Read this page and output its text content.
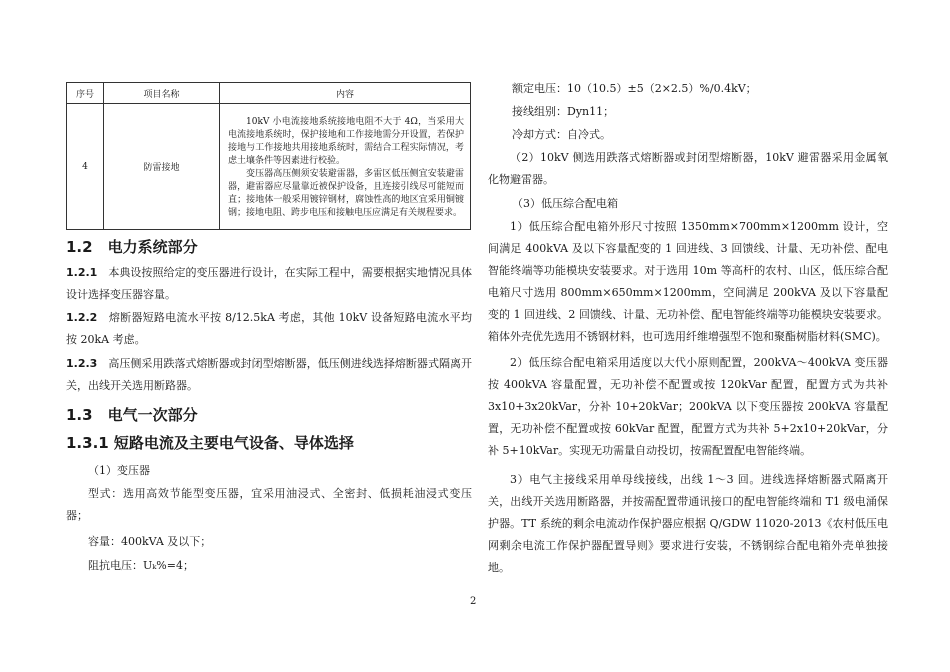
序号	项目名称	内容
4	防雷接地	10kV 小电流接地系统接地电阻不大于 4Ω，当采用大电流接地系统时，保护接地和工作接地需分开设置，若保护接地与工作接地共用接地系统时，需结合工程实际情况，考虑土壤条件等因素进行校验。

变压器高压侧须安装避雷器，多雷区低压侧宜安装避雷器，避雷器应尽量靠近被保护设备，且连接引线尽可能短而直；接地体一般采用镀锌钢材，腐蚀性高的地区宜采用铜镀钢；接地电阻、跨步电压和接触电压应满足有关规程要求。

1.2　电力系统部分

1.2.1　本典设按照给定的变压器进行设计，在实际工程中，需要根据实地情况具体设计选择变压器容量。

1.2.2　熔断器短路电流水平按 8/12.5kA 考虑，其他 10kV 设备短路电流水平均按 20kA 考虑。

1.2.3　高压侧采用跌落式熔断器或封闭型熔断器，低压侧进线选择熔断器式隔离开关，出线开关选用断路器。

1.3　电气一次部分
1.3.1 短路电流及主要电气设备、导体选择

（1）变压器

型式：选用高效节能型变压器，宜采用油浸式、全密封、低损耗油浸式变压器；

容量：400kVA 及以下；

阻抗电压：Uₖ%=4；

额定电压：10（10.5）±5（2×2.5）%/0.4kV；

接线组别：Dyn11；

冷却方式：自冷式。

（2）10kV 侧选用跌落式熔断器或封闭型熔断器，10kV 避雷器采用金属氧化物避雷器。

（3）低压综合配电箱

1）低压综合配电箱外形尺寸按照 1350mm×700mm×1200mm 设计，空间满足 400kVA 及以下容量配变的 1 回进线、3 回馈线、计量、无功补偿、配电智能终端等功能模块安装要求。对于选用 10m 等高杆的农村、山区，低压综合配电箱尺寸选用 800mm×650mm×1200mm，空间满足 200kVA 及以下容量配变的 1 回进线、2 回馈线、计量、无功补偿、配电智能终端等功能模块安装要求。箱体外壳优先选用不锈钢材料，也可选用纤维增强型不饱和聚酯树脂材料(SMC)。

2）低压综合配电箱采用适度以大代小原则配置，200kVA～400kVA 变压器按 400kVA 容量配置，无功补偿不配置或按 120kVar 配置，配置方式为共补 3x10+3x20kVar，分补 10+20kVar；200kVA 以下变压器按 200kVA 容量配置，无功补偿不配置或按 60kVar 配置，配置方式为共补 5+2x10+20kVar，分补 5+10kVar。实现无功需量自动投切，按需配置配电智能终端。

3）电气主接线采用单母线接线，出线 1～3 回。进线选择熔断器式隔离开关，出线开关选用断路器，并按需配置带通讯接口的配电智能终端和 T1 级电涌保护器。TT 系统的剩余电流动作保护器应根据 Q/GDW 11020-2013《农村低压电网剩余电流工作保护器配置导则》要求进行安装，不锈钢综合配电箱外壳单独接地。

2
